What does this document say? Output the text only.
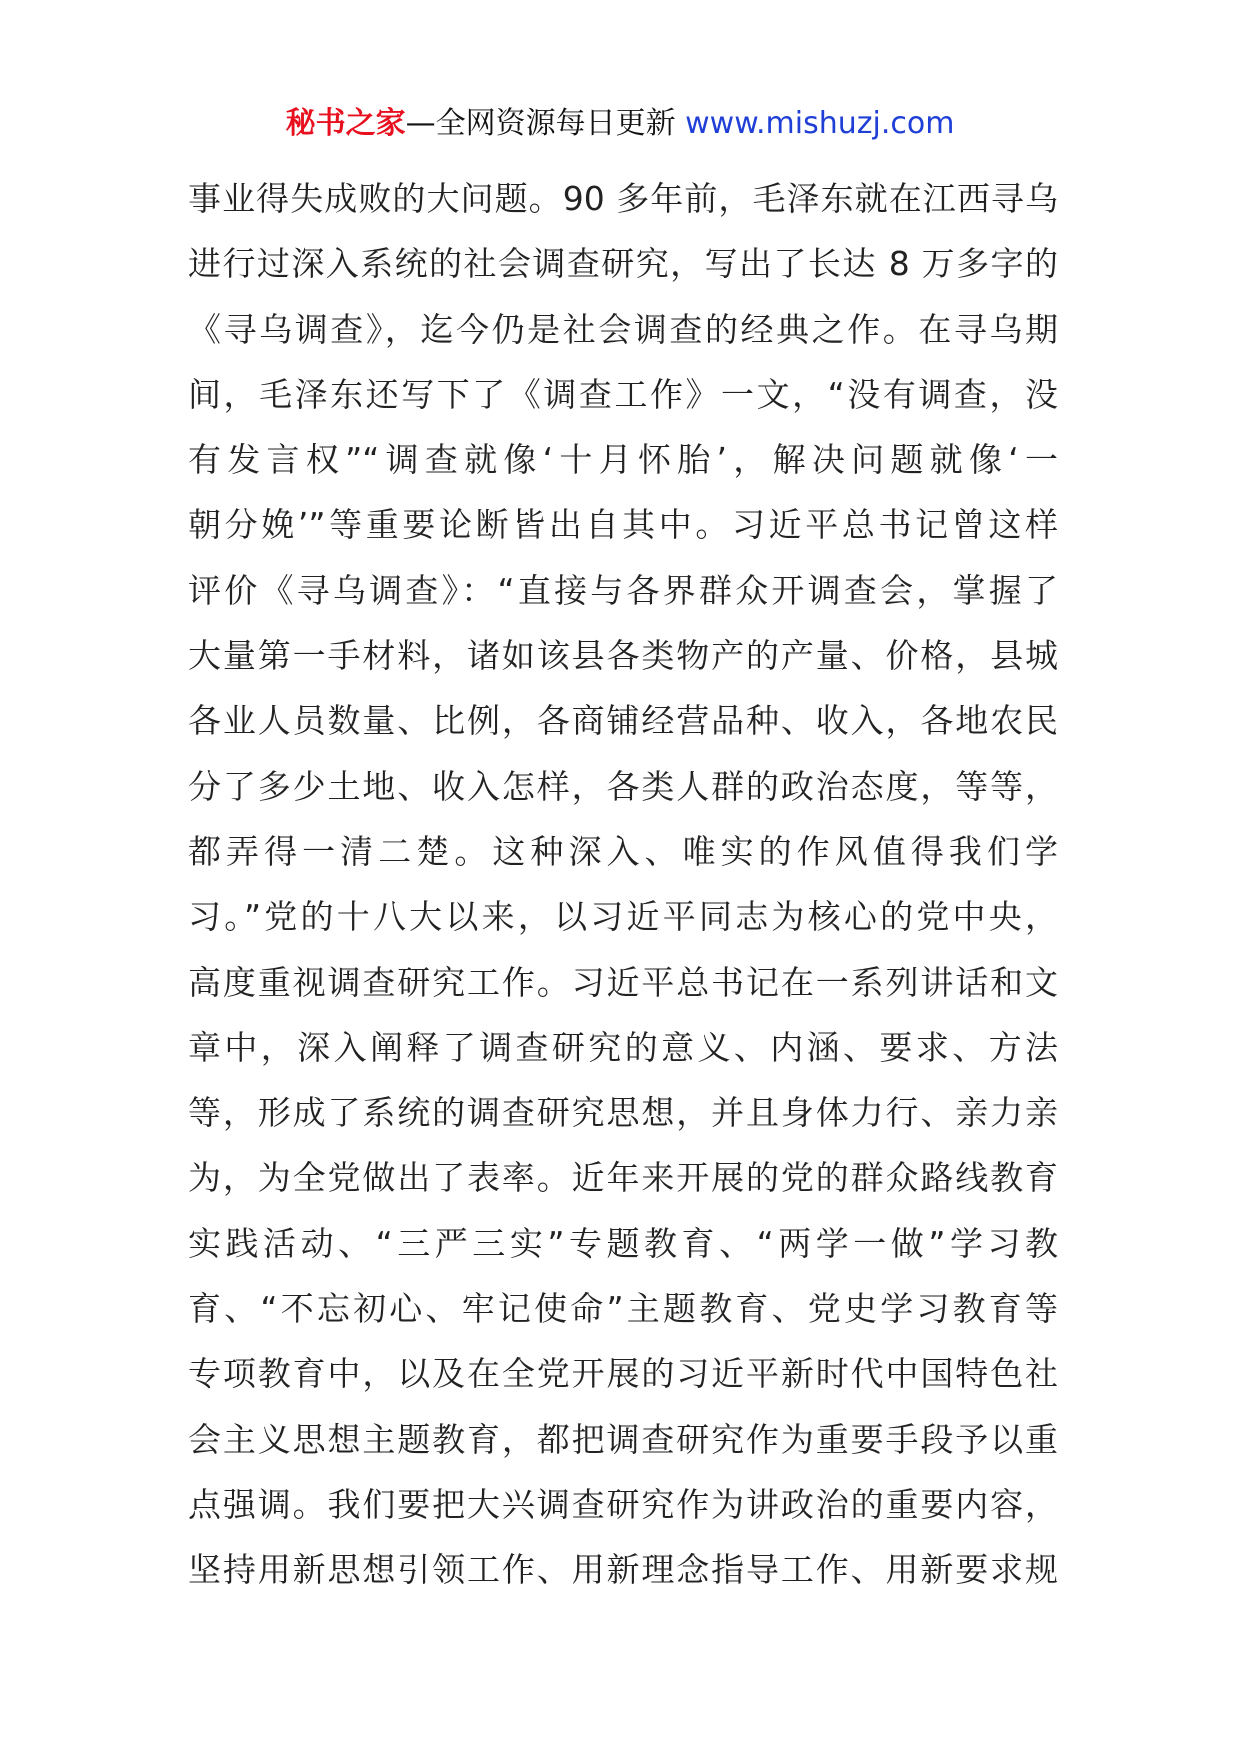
秘书之家—全网资源每日更新 www.mishuzj.com
事业得失成败的大问题。90 多年前，毛泽东就在江西寻乌
进行过深入系统的社会调查研究，写出了长达 8 万多字的
《寻乌调查》，迄今仍是社会调查的经典之作。在寻乌期
间，毛泽东还写下了《调查工作》一文，“没有调查，没
有发言权”“调查就像‘十月怀胎’，解决问题就像‘一
朝分娩’”等重要论断皆出自其中。习近平总书记曾这样
评价《寻乌调查》：“直接与各界群众开调查会，掌握了
大量第一手材料，诸如该县各类物产的产量、价格，县城
各业人员数量、比例，各商铺经营品种、收入，各地农民
分了多少土地、收入怎样，各类人群的政治态度，等等，
都弄得一清二楚。这种深入、唯实的作风值得我们学
习。”党的十八大以来，以习近平同志为核心的党中央，
高度重视调查研究工作。习近平总书记在一系列讲话和文
章中，深入阐释了调查研究的意义、内涵、要求、方法
等，形成了系统的调查研究思想，并且身体力行、亲力亲
为，为全党做出了表率。近年来开展的党的群众路线教育
实践活动、“三严三实”专题教育、“两学一做”学习教
育、“不忘初心、牢记使命”主题教育、党史学习教育等
专项教育中，以及在全党开展的习近平新时代中国特色社
会主义思想主题教育，都把调查研究作为重要手段予以重
点强调。我们要把大兴调查研究作为讲政治的重要内容，
坚持用新思想引领工作、用新理念指导工作、用新要求规
